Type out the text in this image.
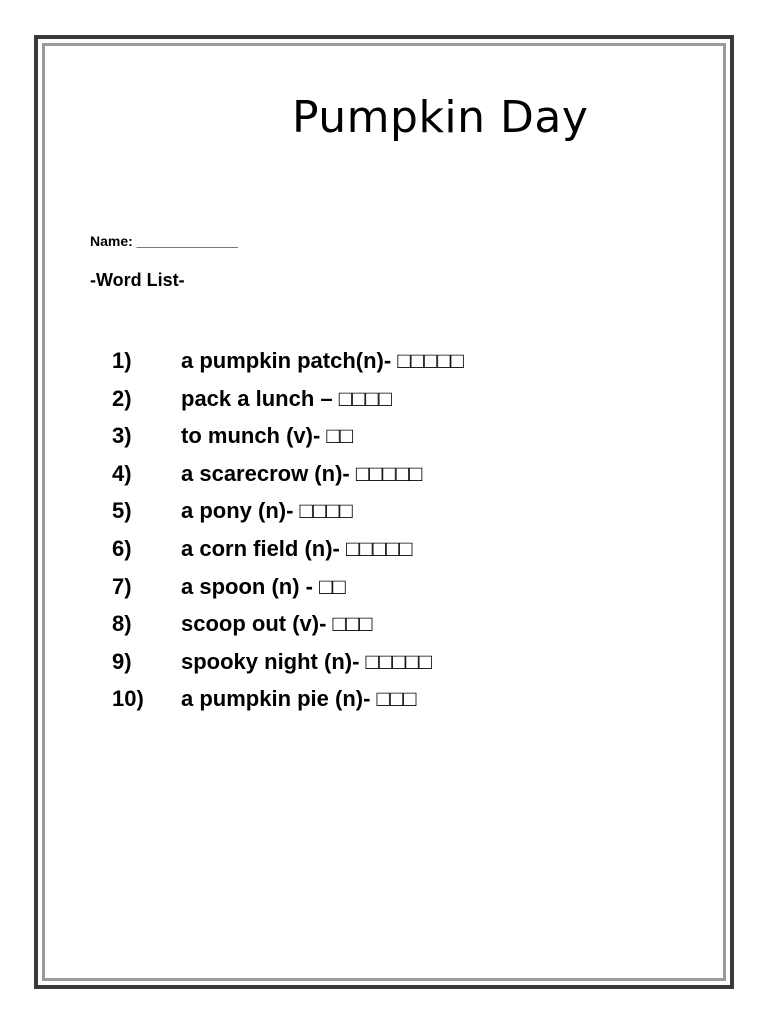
Pumpkin Day
Name: _____________
-Word List-
1) a pumpkin patch(n)- □□□□□
2) pack a lunch – □□□□
3) to munch (v)- □□
4) a scarecrow (n)- □□□□□
5) a pony (n)- □□□□
6) a corn field (n)- □□□□□
7) a spoon (n) - □□
8) scoop out (v)- □□□
9) spooky night (n)- □□□□□
10) a pumpkin pie (n)- □□□
